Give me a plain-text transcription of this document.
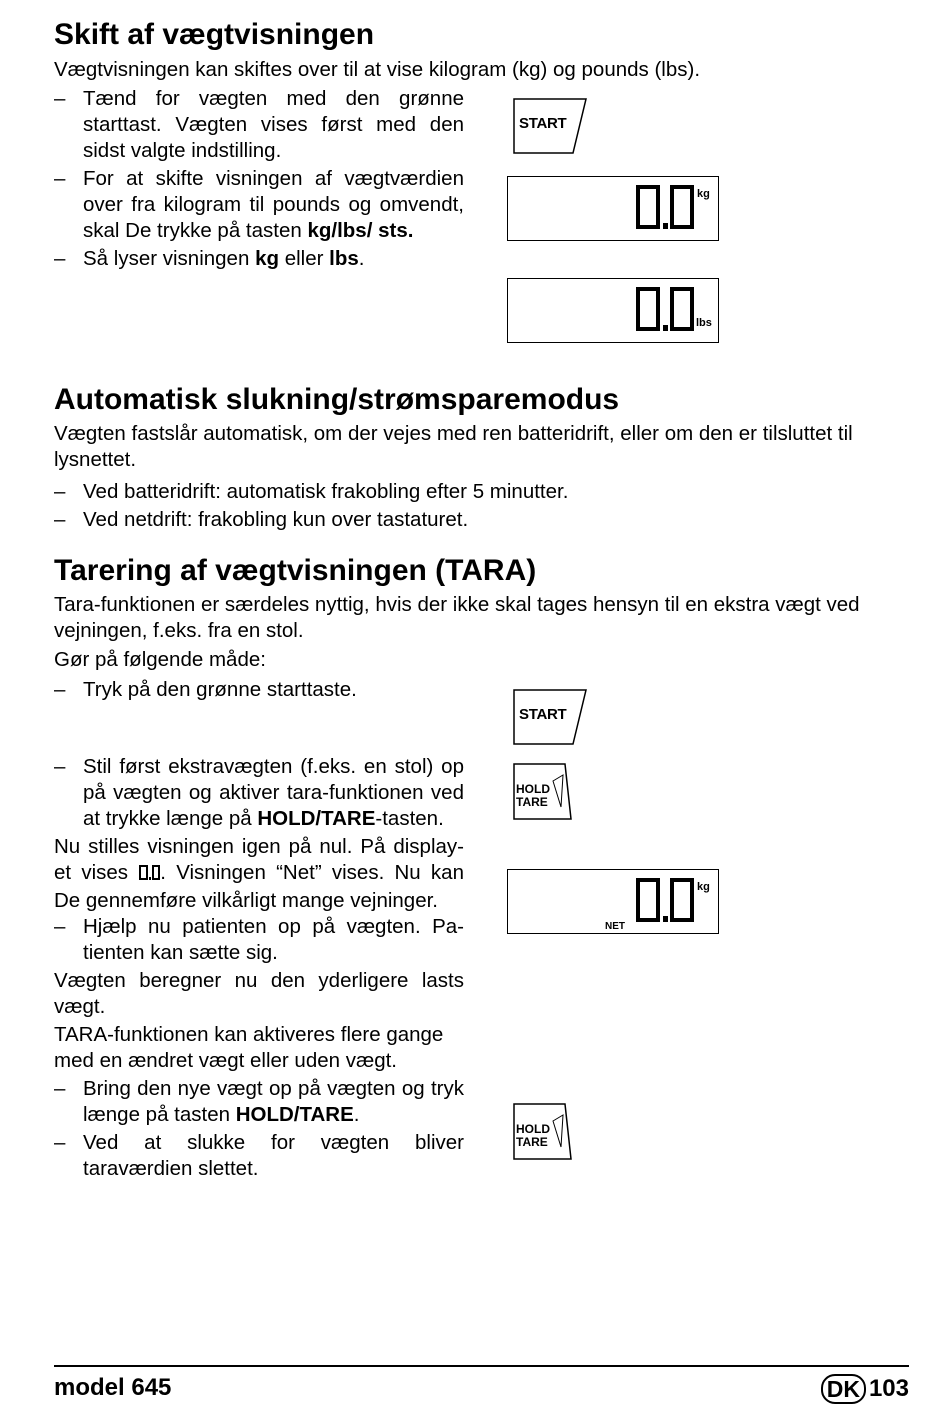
Skift af vægtvisningen
Vægtvisningen kan skiftes over til at vise kilogram (kg) og pounds (lbs).
– Tænd for vægten med den grønne starttast. Vægten vises først med den sidst valgte indstilling.
– For at skifte visningen af vægtværdien over fra kilogram til pounds og omvendt, skal De trykke på tasten kg/lbs/ sts.
– Så lyser visningen kg eller lbs.
START
kg
lbs
Automatisk slukning/strømsparemodus
Vægten fastslår automatisk, om der vejes med ren batteridrift, eller om den er tilsluttet til lysnettet.
– Ved batteridrift: automatisk frakobling efter 5 minutter.
– Ved netdrift: frakobling kun over tastaturet.
Tarering af vægtvisningen (TARA)
Tara-funktionen er særdeles nyttig, hvis der ikke skal tages hensyn til en ekstra vægt ved vejningen, f.eks. fra en stol.
Gør på følgende måde:
– Tryk på den grønne starttaste.
– Stil først ekstravægten (f.eks. en stol) op på vægten og aktiver tara-funktionen ved at trykke længe på HOLD/TARE-tasten.
Nu stilles visningen igen på nul. På display-et vises . Visningen “Net” vises. Nu kan De gennemføre vilkårligt mange vejninger.
– Hjælp nu patienten op på vægten. Pa-tienten kan sætte sig.
Vægten beregner nu den yderligere lasts vægt.
TARA-funktionen kan aktiveres flere gange med en ændret vægt eller uden vægt.
– Bring den nye vægt op på vægten og tryk længe på tasten HOLD/TARE.
– Ved at slukke for vægten bliver taraværdien slettet.
START
HOLD
TARE
kg
NET
HOLD
TARE
model 645	DK 103
